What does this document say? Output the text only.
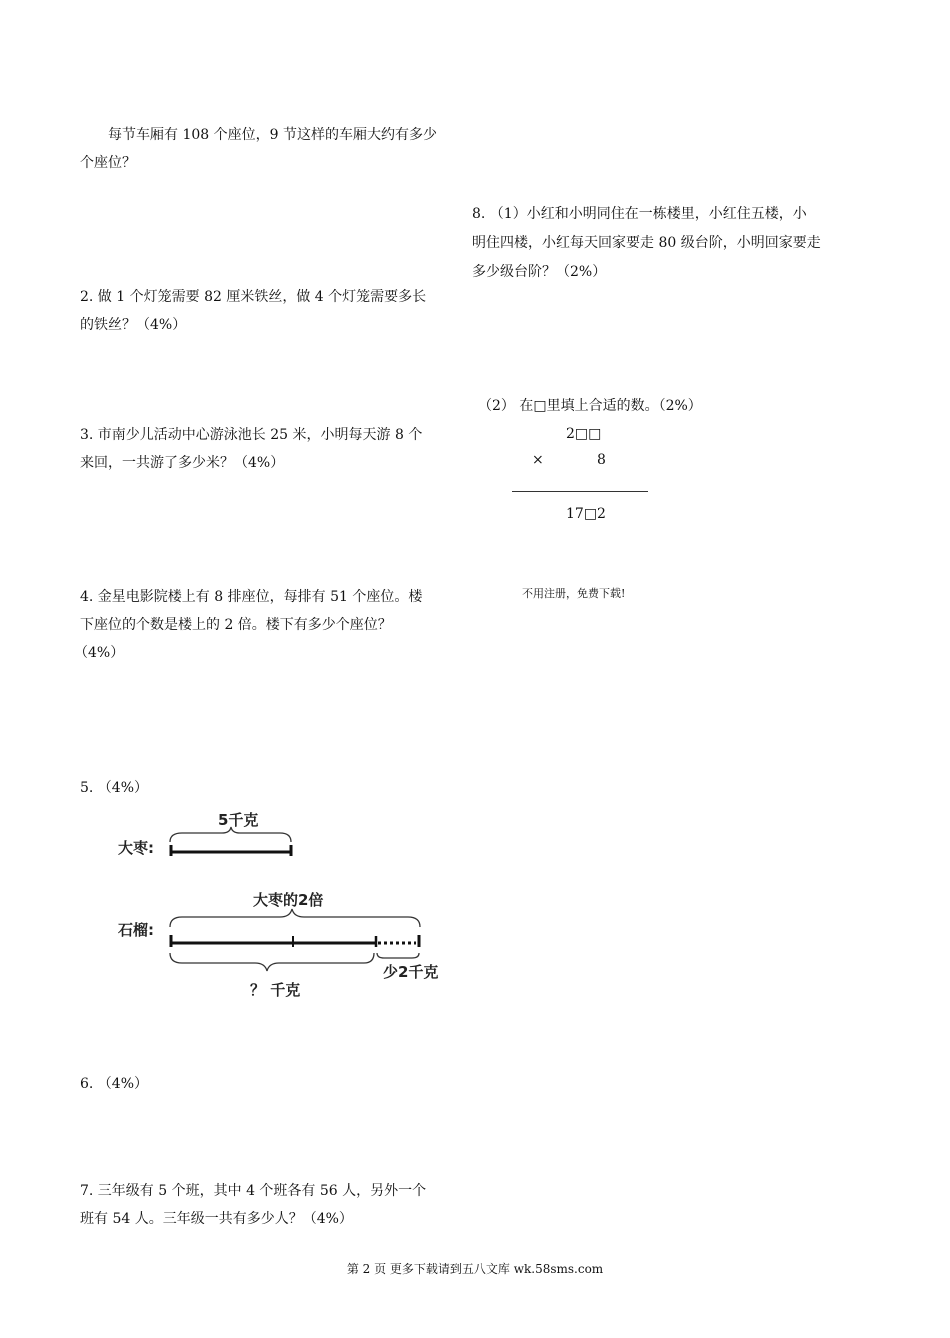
每节车厢有 108 个座位，9 节这样的车厢大约有多少
个座位？
2. 做 1 个灯笼需要 82 厘米铁丝，做 4 个灯笼需要多长
的铁丝？（4%）
3. 市南少儿活动中心游泳池长 25 米，小明每天游 8 个
来回，一共游了多少米？（4%）
4. 金星电影院楼上有 8 排座位，每排有 51 个座位。楼
下座位的个数是楼上的 2 倍。楼下有多少个座位？
（4%）
5. （4%）
大枣:
5千克
石榴:
大枣的2倍
少2千克
？ 千克
6. （4%）
7. 三年级有 5 个班，其中 4 个班各有 56 人，另外一个
班有 54 人。三年级一共有多少人？（4%）
8. （1）小红和小明同住在一栋楼里，小红住五楼，小
明住四楼，小红每天回家要走 80 级台阶，小明回家要走
多少级台阶？（2%）
（2） 在□里填上合适的数。（2%）
2□□
×	8
17□2
不用注册，免费下载!
第 2 页 更多下载请到五八文库 wk.58sms.com
